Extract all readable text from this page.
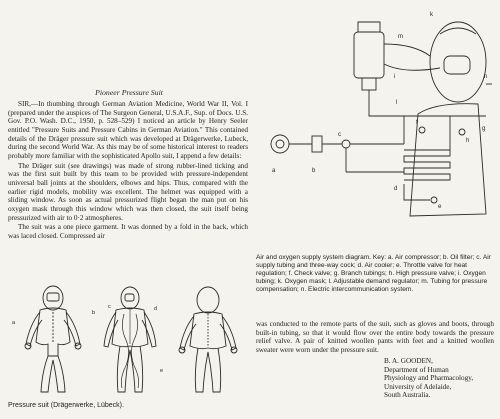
Pioneer Pressure Suit

SIR,—In thumbing through German Aviation Medicine, World War II, Vol. I (prepared under the auspices of The Surgeon General, U.S.A.F., Sup. of Docs. U.S. Gov. P.O. Wash. D.C., 1950, p. 528–529) I noticed an article by Henry Seeler entitled "Pressure Suits and Pressure Cabins in German Aviation." This contained details of the Dräger pressure suit which was developed at Drägerwerke, Lubeck, during the second World War. As this may be of some historical interest to readers probably more familiar with the sophisticated Apollo suit, I append a few details:

The Dräger suit (see drawings) was made of strong rubber-lined ticking and was the first suit built by this team to be provided with pressure-independent universal ball joints at the shoulders, elbows and hips. Thus, compared with the earlier rigid models, mobility was excellent. The helmet was equipped with a sliding window. As soon as actual pressurized flight began the man put on his oxygen mask through this window which was then closed, the suit itself being pressurized with air to 0·2 atmospheres.

The suit was a one piece garment. It was donned by a fold in the back, which was laced closed. Compressed air

a
b
c	d
e
Pressure suit (Drägerwerke, Lübeck).
a	b
c
d
e
f
g
h
i
k
l
m
n
Air and oxygen supply system diagram. Key: a. Air compressor; b. Oil filter; c. Air supply tubing and three-way cock; d. Air cooler; e. Throttle valve for heat regulation; f. Check valve; g. Branch tubings; h. High pressure valve; i. Oxygen tubing; k. Oxygen mask; l. Adjustable demand regulator; m. Tubing for pressure compensation; n. Electric intercommunication system.
was conducted to the remote parts of the suit, such as gloves and boots, through built-in tubing, so that it would flow over the entire body towards the pressure relief valve. A pair of knitted woollen pants with feet and a knitted woollen sweater were worn under the pressure suit.
B. A. GOODEN,
Department of Human
Physiology and Pharmacology,
University of Adelaide,
South Australia.
